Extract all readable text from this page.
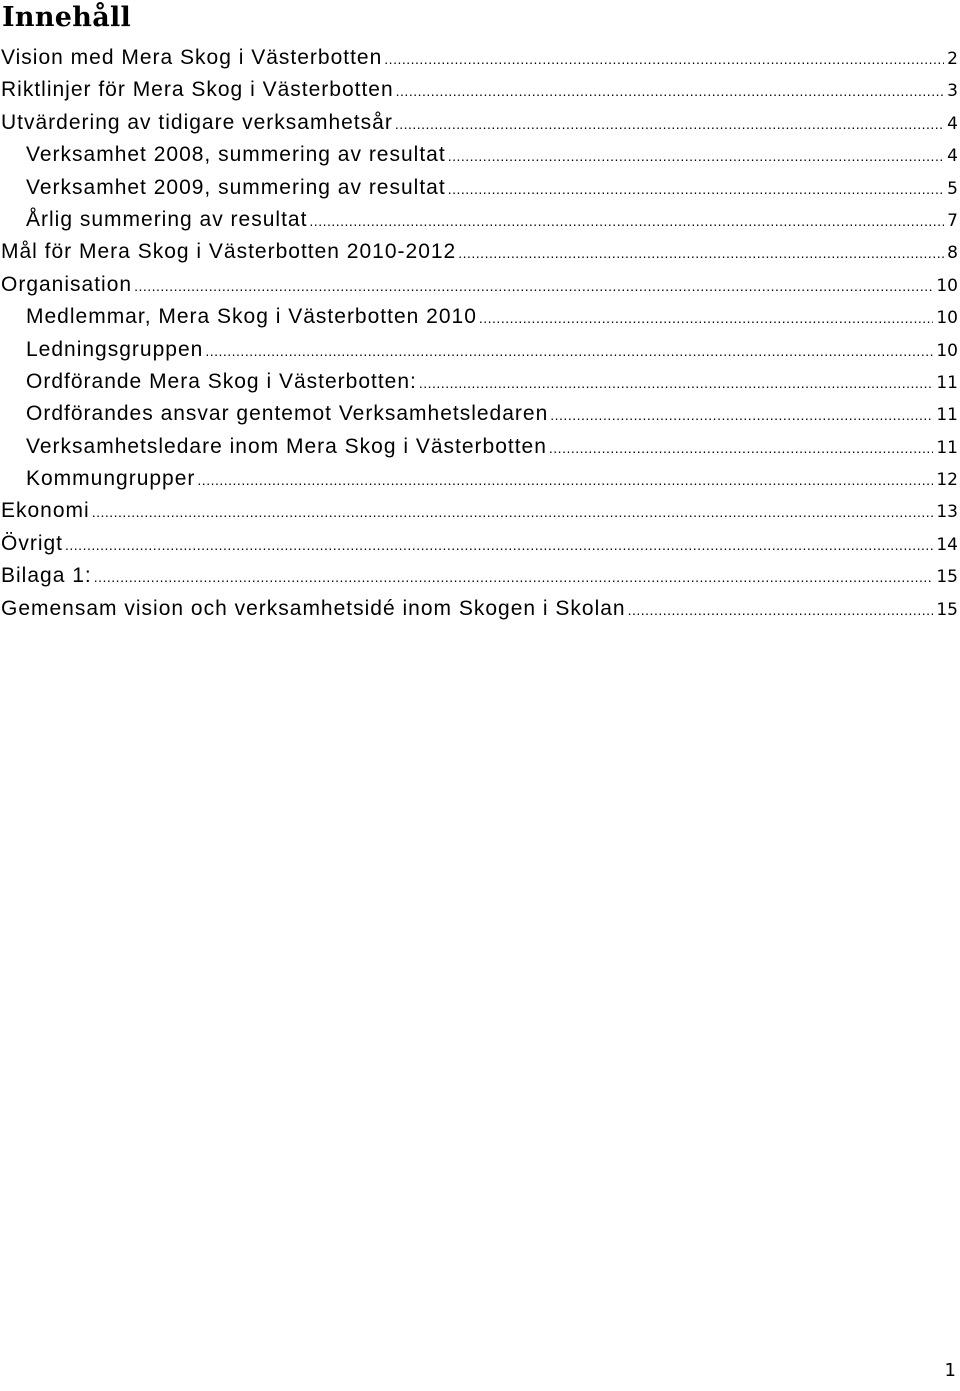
Innehåll
Vision med Mera Skog i Västerbotten .....	2
Riktlinjer för Mera Skog i Västerbotten .....	3
Utvärdering av tidigare verksamhetsår .....	4
Verksamhet 2008, summering av resultat .....	4
Verksamhet 2009, summering av resultat .....	5
Årlig summering av resultat .....	7
Mål för Mera Skog i Västerbotten 2010-2012 .....	8
Organisation .....	10
Medlemmar, Mera Skog i Västerbotten 2010 .....	10
Ledningsgruppen .....	10
Ordförande Mera Skog i Västerbotten: .....	11
Ordförandes ansvar gentemot Verksamhetsledaren .....	11
Verksamhetsledare inom Mera Skog i Västerbotten .....	11
Kommungrupper .....	12
Ekonomi .....	13
Övrigt .....	14
Bilaga 1: .....	15
Gemensam vision och verksamhetsidé inom Skogen i Skolan .....	15
1
